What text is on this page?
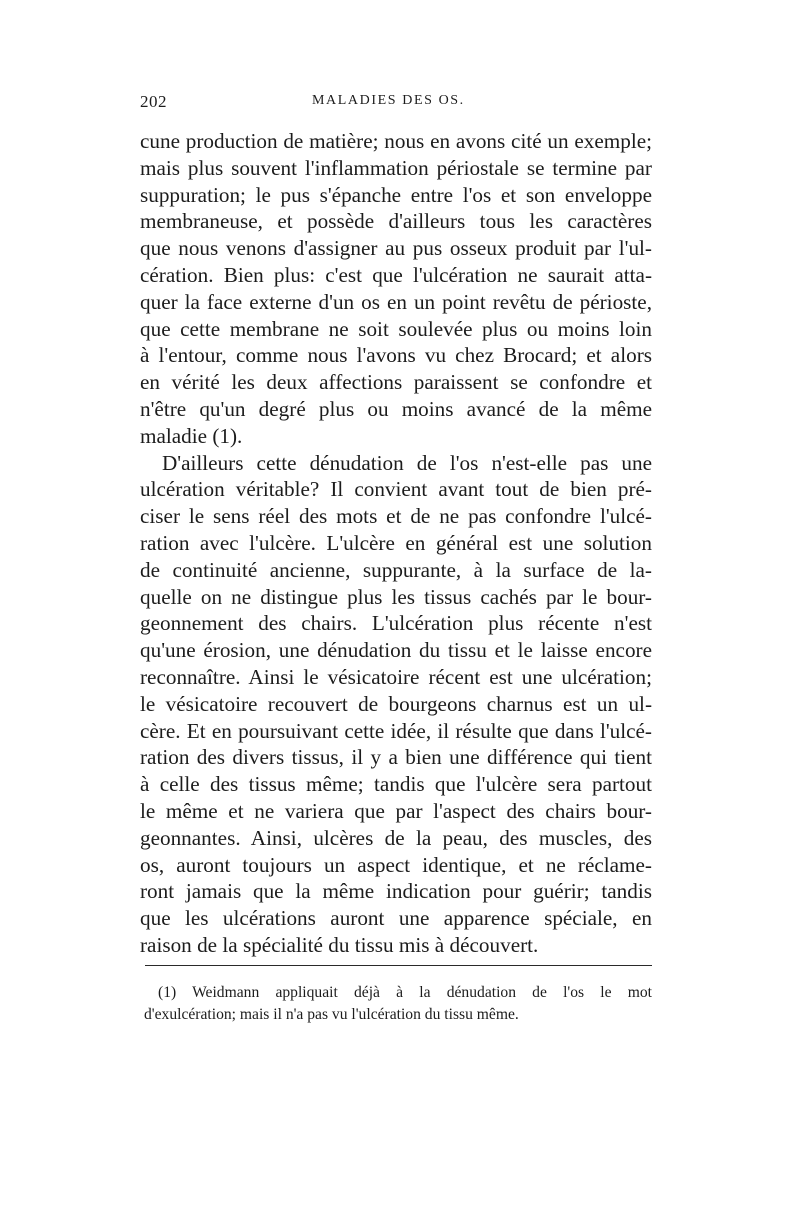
202	MALADIES DES OS.
cune production de matière; nous en avons cité un exemple;
mais plus souvent l'inflammation périostale se termine par
suppuration; le pus s'épanche entre l'os et son enveloppe
membraneuse, et possède d'ailleurs tous les caractères
que nous venons d'assigner au pus osseux produit par l'ul-
cération. Bien plus: c'est que l'ulcération ne saurait atta-
quer la face externe d'un os en un point revêtu de périoste,
que cette membrane ne soit soulevée plus ou moins loin
à l'entour, comme nous l'avons vu chez Brocard; et alors
en vérité les deux affections paraissent se confondre et
n'être qu'un degré plus ou moins avancé de la même
maladie (1).
D'ailleurs cette dénudation de l'os n'est-elle pas une
ulcération véritable? Il convient avant tout de bien pré-
ciser le sens réel des mots et de ne pas confondre l'ulcé-
ration avec l'ulcère. L'ulcère en général est une solution
de continuité ancienne, suppurante, à la surface de la-
quelle on ne distingue plus les tissus cachés par le bour-
geonnement des chairs. L'ulcération plus récente n'est
qu'une érosion, une dénudation du tissu et le laisse encore
reconnaître. Ainsi le vésicatoire récent est une ulcération;
le vésicatoire recouvert de bourgeons charnus est un ul-
cère. Et en poursuivant cette idée, il résulte que dans l'ulcé-
ration des divers tissus, il y a bien une différence qui tient
à celle des tissus même; tandis que l'ulcère sera partout
le même et ne variera que par l'aspect des chairs bour-
geonnantes. Ainsi, ulcères de la peau, des muscles, des
os, auront toujours un aspect identique, et ne réclame-
ront jamais que la même indication pour guérir; tandis
que les ulcérations auront une apparence spéciale, en
raison de la spécialité du tissu mis à découvert.
(1) Weidmann appliquait déjà à la dénudation de l'os le mot
d'exulcération; mais il n'a pas vu l'ulcération du tissu même.
